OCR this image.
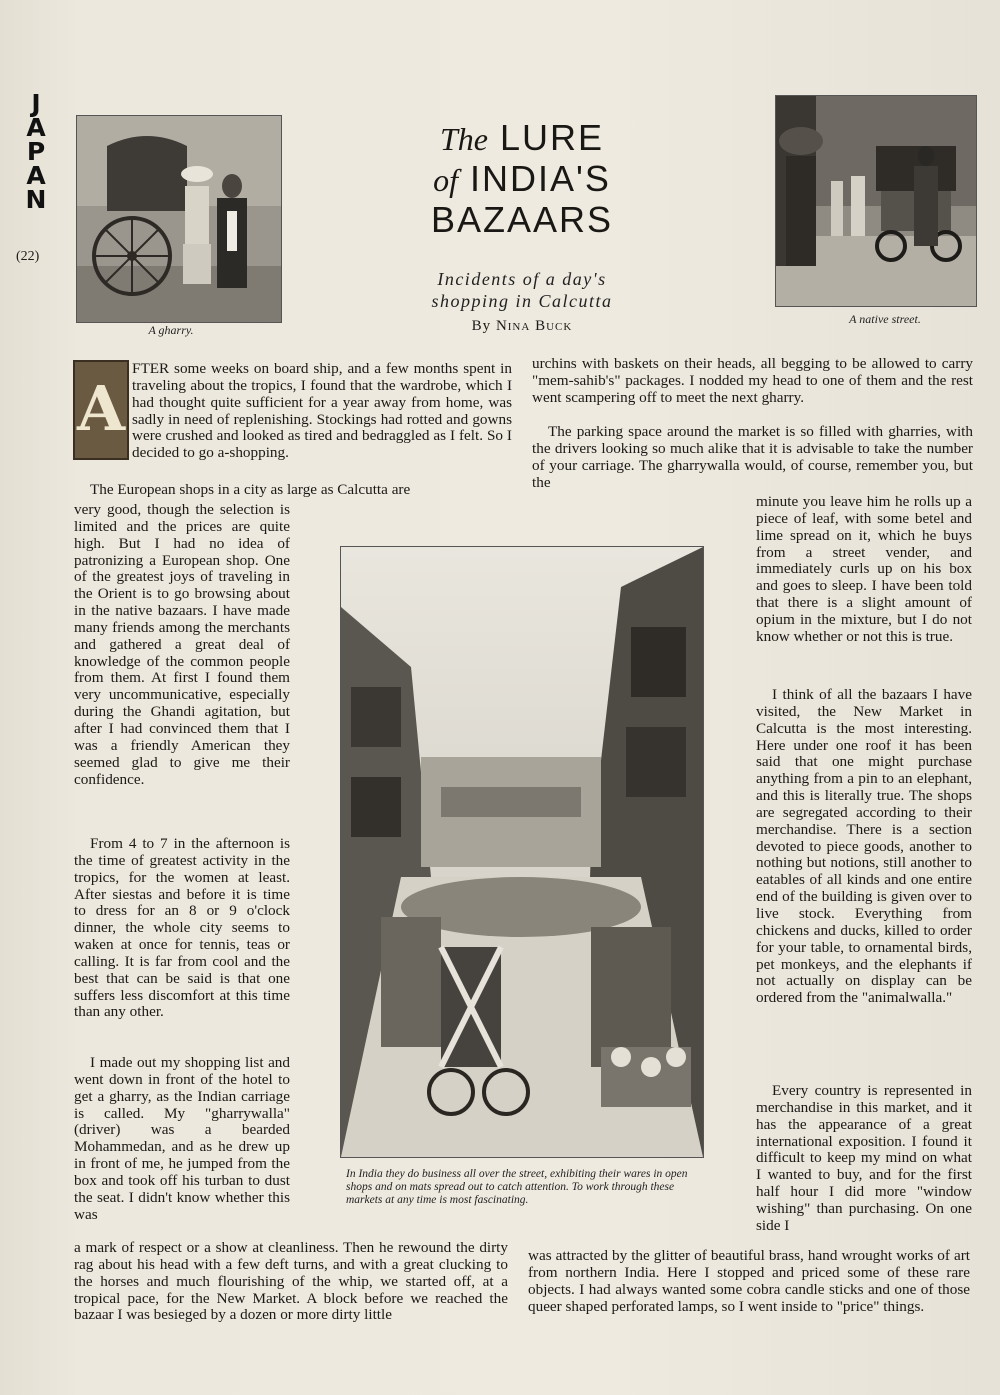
J
A
P
A
N
(22)
A gharry.
A native street.
The LURE
of INDIA'S
BAZAARS
Incidents of a day's
shopping in Calcutta
By Nina Buck
A

FTER some weeks on board ship, and a few months spent in traveling about the tropics, I found that the wardrobe, which I had thought quite sufficient for a year away from home, was sadly in need of replenishing. Stockings had rotted and gowns were crushed and looked as tired and bedraggled as I felt. So I decided to go a-shopping.

The European shops in a city as large as Calcutta are

very good, though the selection is limited and the prices are quite high. But I had no idea of patronizing a European shop. One of the greatest joys of traveling in the Orient is to go browsing about in the native bazaars. I have made many friends among the merchants and gathered a great deal of knowledge of the common people from them. At first I found them very uncommunicative, especially during the Ghandi agitation, but after I had convinced them that I was a friendly American they seemed glad to give me their confidence.

From 4 to 7 in the afternoon is the time of greatest activity in the tropics, for the women at least. After siestas and before it is time to dress for an 8 or 9 o'clock dinner, the whole city seems to waken at once for tennis, teas or calling. It is far from cool and the best that can be said is that one suffers less discomfort at this time than any other.

I made out my shopping list and went down in front of the hotel to get a gharry, as the Indian carriage is called. My "gharrywalla" (driver) was a bearded Mohammedan, and as he drew up in front of me, he jumped from the box and took off his turban to dust the seat. I didn't know whether this was

a mark of respect or a show at cleanliness. Then he rewound the dirty rag about his head with a few deft turns, and with a great clucking to the horses and much flourishing of the whip, we started off, at a tropical pace, for the New Market. A block before we reached the bazaar I was besieged by a dozen or more dirty little

In India they do business all over the street, exhibiting their wares in open shops and on mats spread out to catch attention. To work through these markets at any time is most fascinating.

urchins with baskets on their heads, all begging to be allowed to carry "mem-sahib's" packages. I nodded my head to one of them and the rest went scampering off to meet the next gharry.

The parking space around the market is so filled with gharries, with the drivers looking so much alike that it is advisable to take the number of your carriage. The gharrywalla would, of course, remember you, but the

minute you leave him he rolls up a piece of leaf, with some betel and lime spread on it, which he buys from a street vender, and immediately curls up on his box and goes to sleep. I have been told that there is a slight amount of opium in the mixture, but I do not know whether or not this is true.

I think of all the bazaars I have visited, the New Market in Calcutta is the most interesting. Here under one roof it has been said that one might purchase anything from a pin to an elephant, and this is literally true. The shops are segregated according to their merchandise. There is a section devoted to piece goods, another to nothing but notions, still another to eatables of all kinds and one entire end of the building is given over to live stock. Everything from chickens and ducks, killed to order for your table, to ornamental birds, pet monkeys, and the elephants if not actually on display can be ordered from the "animalwalla."

Every country is represented in merchandise in this market, and it has the appearance of a great international exposition. I found it difficult to keep my mind on what I wanted to buy, and for the first half hour I did more "window wishing" than purchasing. On one side I

was attracted by the glitter of beautiful brass, hand wrought works of art from northern India. Here I stopped and priced some of these rare objects. I had always wanted some cobra candle sticks and one of those queer shaped perforated lamps, so I went inside to "price" things.
